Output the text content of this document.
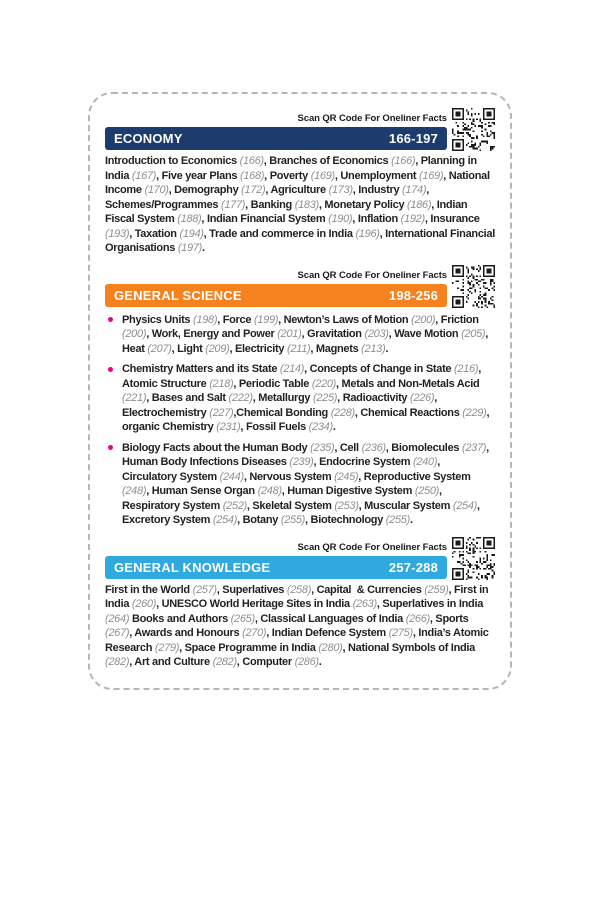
Scan QR Code For Oneliner Facts
ECONOMY	166-197
Introduction to Economics (166), Branches of Economics (166), Planning in India (167), Five year Plans (168), Poverty (169), Unemployment (169), National Income (170), Demography (172), Agriculture (173), Industry (174), Schemes/Programmes (177), Banking (183), Monetary Policy (186), Indian Fiscal System (188), Indian Financial System (190), Inflation (192), Insurance (193), Taxation (194), Trade and commerce in India (196), International Financial Organisations (197).
Scan QR Code For Oneliner Facts
GENERAL SCIENCE	198-256
Physics Units (198), Force (199), Newton’s Laws of Motion (200), Friction (200), Work, Energy and Power (201), Gravitation (203), Wave Motion (205), Heat (207), Light (209), Electricity (211), Magnets (213).
Chemistry Matters and its State (214), Concepts of Change in State (216), Atomic Structure (218), Periodic Table (220), Metals and Non-Metals Acid (221), Bases and Salt (222), Metallurgy (225), Radioactivity (226), Electrochemistry (227),Chemical Bonding (228), Chemical Reactions (229), organic Chemistry (231), Fossil Fuels (234).
Biology Facts about the Human Body (235), Cell (236), Biomolecules (237), Human Body Infections Diseases (239), Endocrine System (240), Circulatory System (244), Nervous System (245), Reproductive System (248), Human Sense Organ (248), Human Digestive System (250), Respiratory System (252), Skeletal System (253), Muscular System (254), Excretory System (254), Botany (255), Biotechnology (255).
Scan QR Code For Oneliner Facts
GENERAL KNOWLEDGE	257-288
First in the World (257), Superlatives (258), Capital  & Currencies (259), First in India (260), UNESCO World Heritage Sites in India (263), Superlatives in India (264) Books and Authors (265), Classical Languages of India (266), Sports (267), Awards and Honours (270), Indian Defence System (275), India’s Atomic Research (279), Space Programme in India (280), National Symbols of India (282), Art and Culture (282), Computer (286).
